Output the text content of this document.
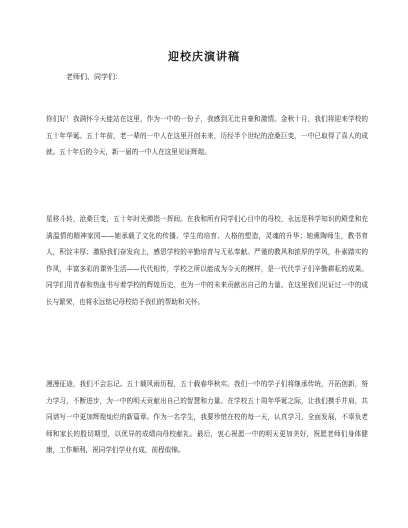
迎校庆演讲稿

老师们、同学们：

你们好！我满怀今天能站在这里，作为一中的一份子，我感到无比自豪和激情。金秋十月，我们将迎来学校的五十年华诞。五十年前，老一辈的一中人在这里开创未来，历经半个世纪的沧桑巨变，一中已取得了喜人的成就。五十年后的今天，新一届的一中人在这里见证辉煌。

星移斗转，沧桑巨变，五十年时光弹指一挥间。在我和所有同学们心目中的母校，永远是科学知识的殿堂和充满温情的精神家园——她承载了文化的传播、学生的培育、人格的塑造，灵魂的升华；她熏陶师生，教书育人，积淀丰厚；激励我们奋发向上，感恩学校的辛勤培育与无私奉献。严谨的教风和浓厚的学风，朴素踏实的作风，丰富多彩的课外生活——代代相传，学校之所以能成为今天的模样，是一代代学子们辛勤耕耘的成果。同学们用青春和热血书写着学校的辉煌历史，也为一中的未来贡献出自己的力量。在这里我们见证过一中的成长与繁荣，也将永远铭记母校给予我们的帮助和关怀。

漫漫征途，我们不会忘记。五十载风雨历程，五十载春华秋实。我们一中的学子们将继承传统，开拓创新，努力学习，不断进步，为一中的明天贡献出自己的智慧和力量。在学校五十周年华诞之际，让我们携手并肩，共同谱写一中更加辉煌灿烂的新篇章。作为一名学生，我要珍惜在校的每一天，认真学习，全面发展，不辜负老师和家长的殷切期望，以优异的成绩向母校献礼。最后，衷心祝愿一中的明天更加美好，祝愿老师们身体健康，工作顺利，祝同学们学业有成，前程似锦。
